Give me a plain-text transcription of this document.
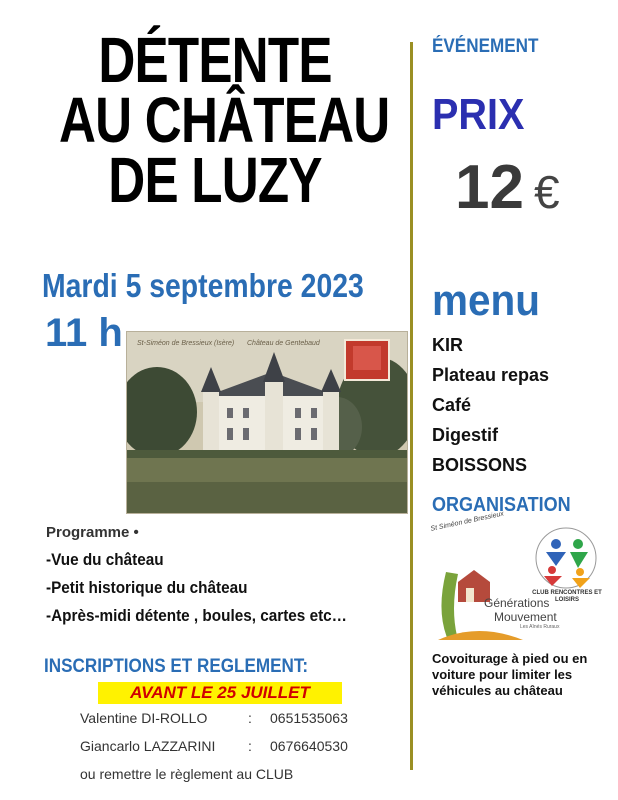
DÉTENTE
AU CHÂTEAU
DE LUZY
Mardi 5 septembre 2023
11 h St-Siméon de Bressieux (Isère) Château de Gentebaud
ÉVÉNEMENT
PRIX
12 €
menu
KIR
Plateau repas
Café
Digestif
BOISSONS
ORGANISATION
St Siméon de Bressieux
Générations
Mouvement
Les Aînés Ruraux
CLUB RENCONTRES ET LOISIRS
Covoiturage à pied ou en voiture pour limiter les véhicules au château
Programme •
-Vue du château
-Petit historique du château
-Après-midi détente , boules, cartes etc…
INSCRIPTIONS ET REGLEMENT:
AVANT LE 25 JUILLET
Valentine DI-ROLLO	:	0651535063
Giancarlo LAZZARINI	:	0676640530
ou remettre le règlement au CLUB
